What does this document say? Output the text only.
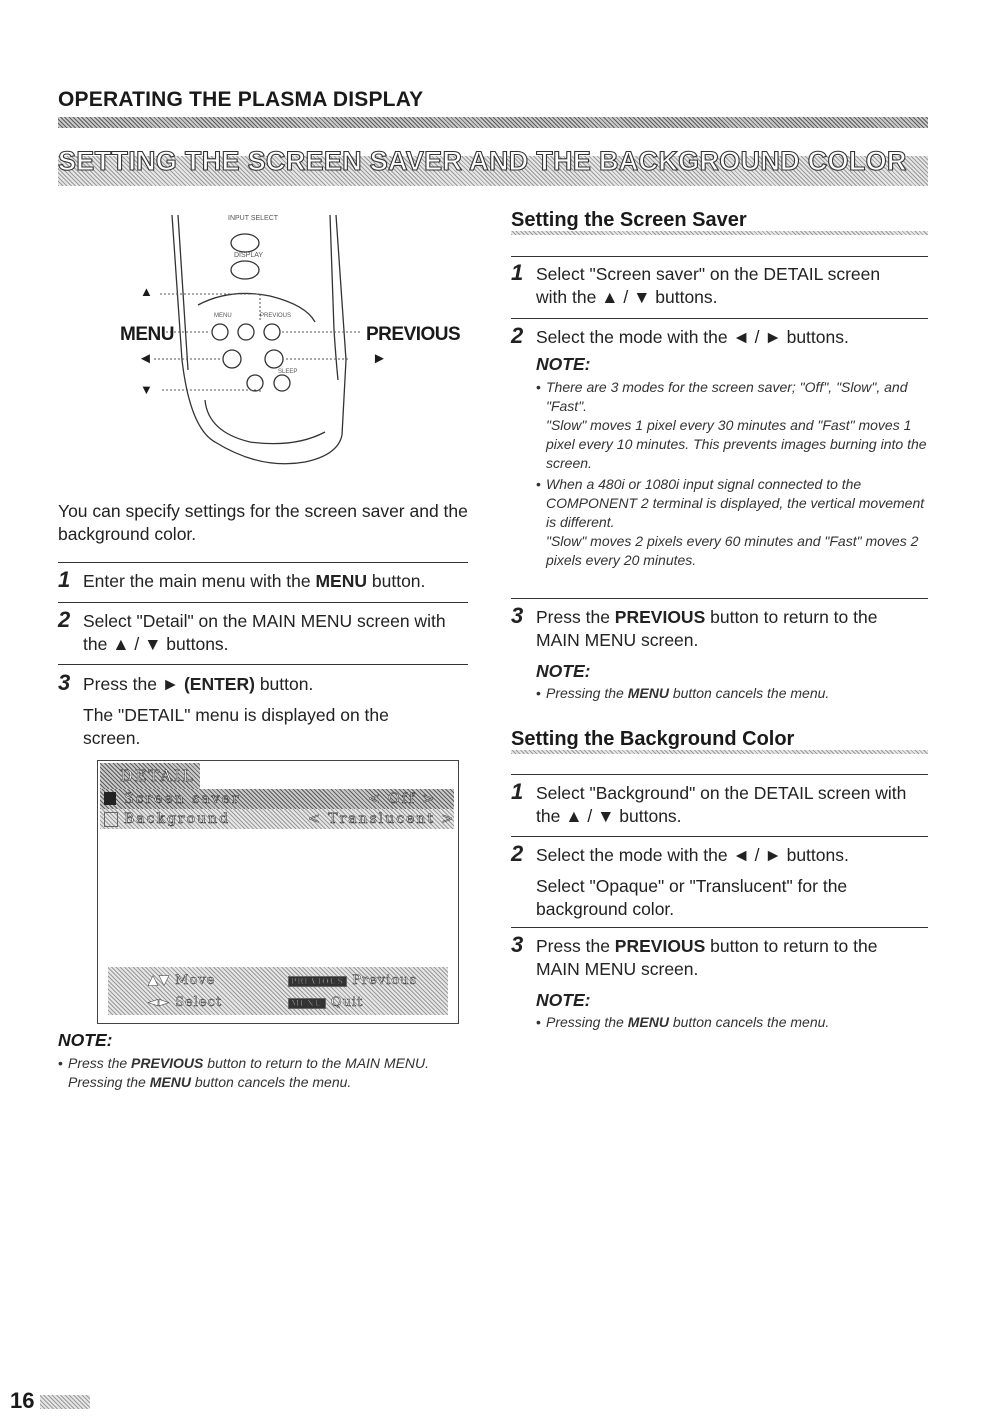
OPERATING THE PLASMA DISPLAY
SETTING THE SCREEN SAVER AND THE BACKGROUND COLOR
INPUT SELECT
DISPLAY
MENU	PREVIOUS
SLEEP
MENU	PREVIOUS
▲
◄	►
▼
You can specify settings for the screen saver and the background color.
1 Enter the main menu with the MENU button.
2 Select "Detail" on the MAIN MENU screen with the ▲ / ▼ buttons.
3 Press the ► (ENTER) button.
The "DETAIL" menu is displayed on the screen.
DETAIL
Screen saver	< Off >
Background	< Translucent >
▲▼ Move	PREVIOUS Previous
◄► Select	MENU Quit
NOTE:
• Press the PREVIOUS button to return to the MAIN MENU. Pressing the MENU button cancels the menu.
Setting the Screen Saver
1 Select "Screen saver" on the DETAIL screen with the ▲ / ▼ buttons.
2 Select the mode with the ◄ / ► buttons.
NOTE:
• There are 3 modes for the screen saver; "Off", "Slow", and "Fast".
"Slow" moves 1 pixel every 30 minutes and "Fast" moves 1 pixel every 10 minutes. This prevents images burning into the screen.
• When a 480i or 1080i input signal connected to the COMPONENT 2 terminal is displayed, the vertical movement is different.
"Slow" moves 2 pixels every 60 minutes and "Fast" moves 2 pixels every 20 minutes.
3 Press the PREVIOUS button to return to the MAIN MENU screen.
NOTE:
• Pressing the MENU button cancels the menu.
Setting the Background Color
1 Select "Background" on the DETAIL screen with the ▲ / ▼ buttons.
2 Select the mode with the ◄ / ► buttons.
Select "Opaque" or "Translucent" for the background color.
3 Press the PREVIOUS button to return to the MAIN MENU screen.
NOTE:
• Pressing the MENU button cancels the menu.
16
